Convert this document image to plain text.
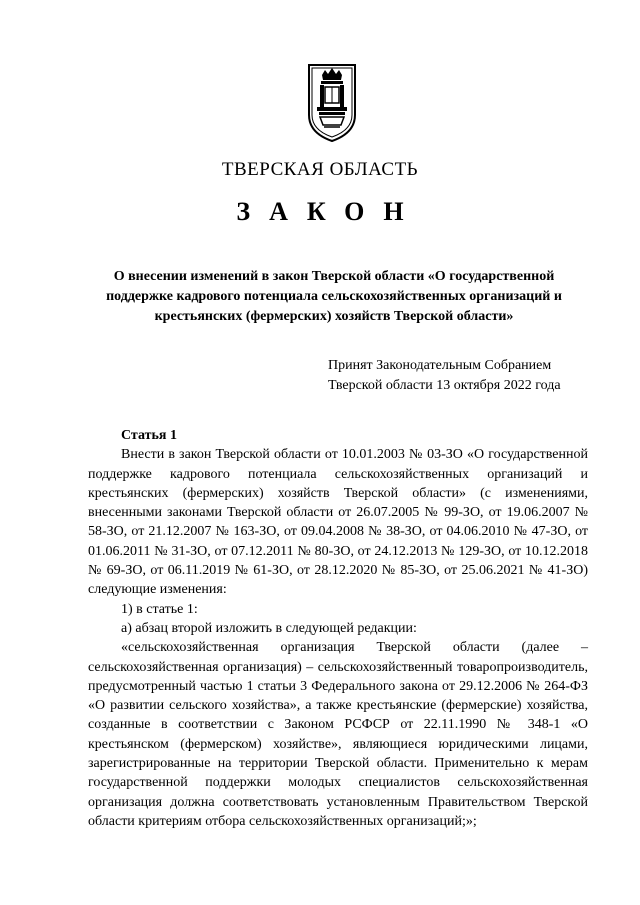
ТВЕРСКАЯ ОБЛАСТЬ
ЗАКОН
О внесении изменений в закон Тверской области «О государственной поддержке кадрового потенциала сельскохозяйственных организаций и крестьянских (фермерских) хозяйств Тверской области»
Принят Законодательным Собранием
Тверской области 13 октября 2022 года

Статья 1

Внести в закон Тверской области от 10.01.2003 № 03-ЗО «О государственной поддержке кадрового потенциала сельскохозяйственных организаций и крестьянских (фермерских) хозяйств Тверской области» (с изменениями, внесенными законами Тверской области от 26.07.2005 № 99-ЗО, от 19.06.2007 № 58-ЗО, от 21.12.2007 № 163-ЗО, от 09.04.2008 № 38-ЗО, от 04.06.2010 № 47-ЗО, от 01.06.2011 № 31-ЗО, от 07.12.2011 № 80-ЗО, от 24.12.2013 № 129-ЗО, от 10.12.2018 № 69-ЗО, от 06.11.2019 № 61-ЗО, от 28.12.2020 № 85-ЗО, от 25.06.2021 № 41-ЗО) следующие изменения:

1) в статье 1:

а) абзац второй изложить в следующей редакции:

«сельскохозяйственная организация Тверской области (далее – сельскохозяйственная организация) – сельскохозяйственный товаропроизводитель, предусмотренный частью 1 статьи 3 Федерального закона от 29.12.2006 № 264-ФЗ «О развитии сельского хозяйства», а также крестьянские (фермерские) хозяйства, созданные в соответствии с Законом РСФСР от 22.11.1990 № 348-1 «О крестьянском (фермерском) хозяйстве», являющиеся юридическими лицами, зарегистрированные на территории Тверской области. Применительно к мерам государственной поддержки молодых специалистов сельскохозяйственная организация должна соответствовать установленным Правительством Тверской области критериям отбора сельскохозяйственных организаций;»;
